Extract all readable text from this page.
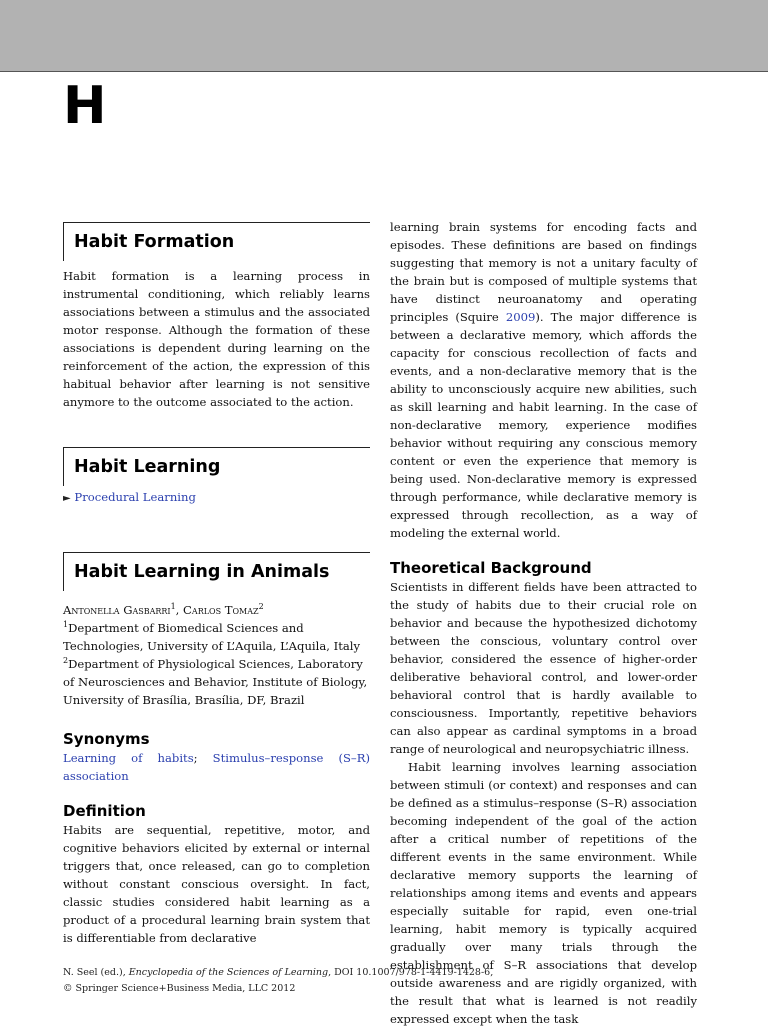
H
Habit Formation

Habit formation is a learning process in instrumental conditioning, which reliably learns associations between a stimulus and the associated motor response. Although the formation of these associations is dependent during learning on the reinforcement of the action, the expression of this habitual behavior after learning is not sensitive anymore to the outcome associated to the action.

Habit Learning

► Procedural Learning

Habit Learning in Animals
Antonella Gasbarri$^1$, Carlos Tomaz$^2$
$^1$Department of Biomedical Sciences and Technologies, University of L’Aquila, L’Aquila, Italy
$^2$Department of Physiological Sciences, Laboratory of Neurosciences and Behavior, Institute of Biology, University of Brasília, Brasília, DF, Brazil
Synonyms

Learning of habits; Stimulus–response (S–R) association

Definition

Habits are sequential, repetitive, motor, and cognitive behaviors elicited by external or internal triggers that, once released, can go to completion without constant conscious oversight. In fact, classic studies considered habit learning as a product of a procedural learning brain system that is differentiable from declarative

learning brain systems for encoding facts and episodes. These definitions are based on findings suggesting that memory is not a unitary faculty of the brain but is composed of multiple systems that have distinct neuroanatomy and operating principles (Squire 2009). The major difference is between a declarative memory, which affords the capacity for conscious recollection of facts and events, and a non-declarative memory that is the ability to unconsciously acquire new abilities, such as skill learning and habit learning. In the case of non-declarative memory, experience modifies behavior without requiring any conscious memory content or even the experience that memory is being used. Non-declarative memory is expressed through performance, while declarative memory is expressed through recollection, as a way of modeling the external world.

Theoretical Background

Scientists in different fields have been attracted to the study of habits due to their crucial role on behavior and because the hypothesized dichotomy between the conscious, voluntary control over behavior, considered the essence of higher-order deliberative behavioral control, and lower-order behavioral control that is hardly available to consciousness. Importantly, repetitive behaviors can also appear as cardinal symptoms in a broad range of neurological and neuropsychiatric illness.

Habit learning involves learning association between stimuli (or context) and responses and can be defined as a stimulus–response (S–R) association becoming independent of the goal of the action after a critical number of repetitions of the different events in the same environment. While declarative memory supports the learning of relationships among items and events and appears especially suitable for rapid, even one-trial learning, habit memory is typically acquired gradually over many trials through the establishment of S–R associations that develop outside awareness and are rigidly organized, with the result that what is learned is not readily expressed except when the task

N. Seel (ed.), Encyclopedia of the Sciences of Learning, DOI 10.1007/978-1-4419-1428-6,
© Springer Science+Business Media, LLC 2012
